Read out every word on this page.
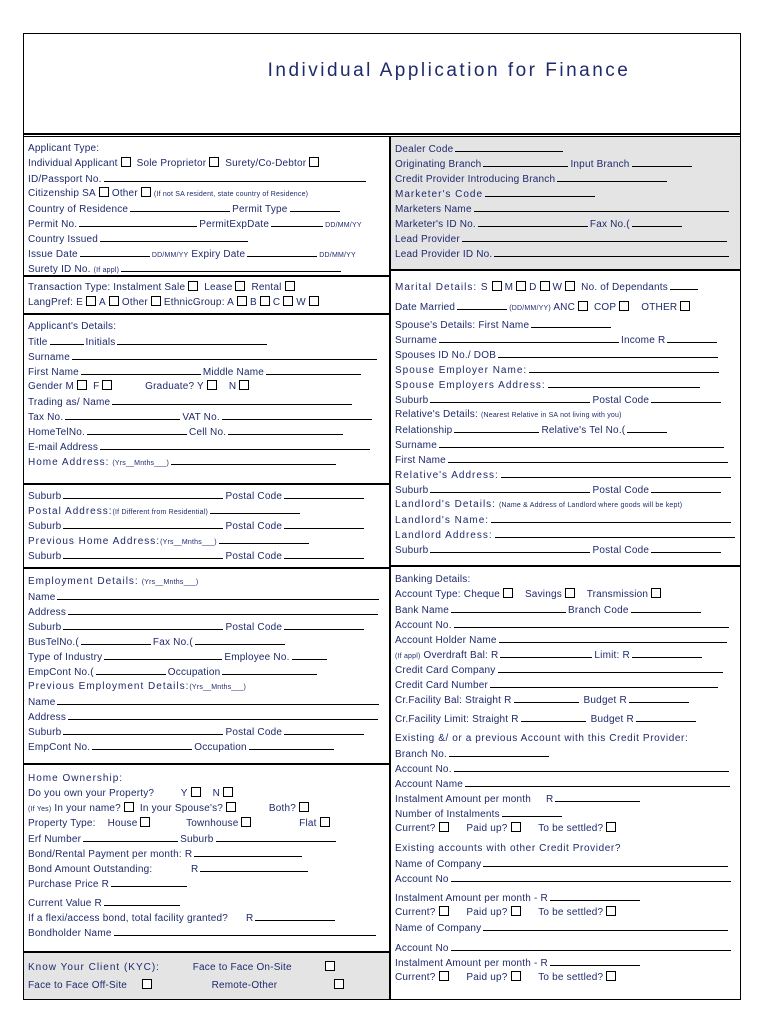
Individual Application for Finance
Applicant Type:
Individual Applicant Sole Proprietor Surety/Co-Debtor
ID/Passport No.
Citizenship SA Other (If not SA resident, state country of Residence)
Country of Residence	Permit Type
Permit No.	PermitExpDate	DD/MM/YY
Country Issued
Issue Date	DD/MM/YY Expiry Date	DD/MM/YY
Surety ID No. (If appl)
Transaction Type: Instalment Sale Lease Rental
LangPref: E A Other EthnicGroup: A B C W
Applicant's Details:
Title	Initials
Surname
First Name	Middle Name
Gender M F	Graduate? Y N
Trading as/ Name
Tax No.	VAT No.
HomeTelNo.	Cell No.
E-mail Address
Home Address: (Yrs__Mnths___)
Suburb	Postal Code
Postal Address:(If Different from Residential)
Suburb	Postal Code
Previous Home Address:(Yrs__Mnths___)
Suburb	Postal Code
Employment Details: (Yrs__Mnths___)
Name
Address
Suburb	Postal Code
BusTelNo.(	Fax No.(
Type of Industry	Employee No.
EmpCont No.(	Occupation
Previous Employment Details:(Yrs__Mnths___)
Name
Address
Suburb	Postal Code
EmpCont No.	Occupation
Home Ownership:
Do you own your Property?	Y N
(If Yes) In your name? In your Spouse's?	Both?
Property Type: House	Townhouse	Flat
Erf Number	Suburb
Bond/Rental Payment per month: R
Bond Amount Outstanding:	R
Purchase Price R
Current Value R
If a flexi/access bond, total facility granted? R
Bondholder Name
Know Your Client (KYC):	Face to Face On-Site
Face to Face Off-Site	Remote-Other
Dealer Code
Originating Branch	Input Branch
Credit Provider Introducing Branch
Marketer's Code
Marketers Name
Marketer's ID No.	Fax No.(
Lead Provider
Lead Provider ID No.
Marital Details: S M D W No. of Dependants
Date Married	(DD/MM/YY) ANC COP OTHER
Spouse's Details: First Name
Surname	Income R
Spouses ID No./ DOB
Spouse Employer Name:
Spouse Employers Address:
Suburb	Postal Code
Relative's Details: (Nearest Relative in SA not living with you)
Relationship	Relative's Tel No.(
Surname
First Name
Relative's Address:
Suburb	Postal Code
Landlord's Details: (Name & Address of Landlord where goods will be kept)
Landlord's Name:
Landlord Address:
Suburb	Postal Code
Banking Details:
Account Type: Cheque Savings Transmission
Bank Name	Branch Code
Account No.
Account Holder Name
(If appl) Overdraft Bal: R	Limit: R
Credit Card Company
Credit Card Number
Cr.Facility Bal: Straight R	Budget R
Cr.Facility Limit: Straight R	Budget R
Existing &/ or a previous Account with this Credit Provider:
Branch No.
Account No.
Account Name
Instalment Amount per month R
Number of Instalments
Current?	Paid up?	To be settled?
Existing accounts with other Credit Provider?
Name of Company
Account No
Instalment Amount per month - R
Current?	Paid up?	To be settled?
Name of Company
Account No
Instalment Amount per month - R
Current?	Paid up?	To be settled?
